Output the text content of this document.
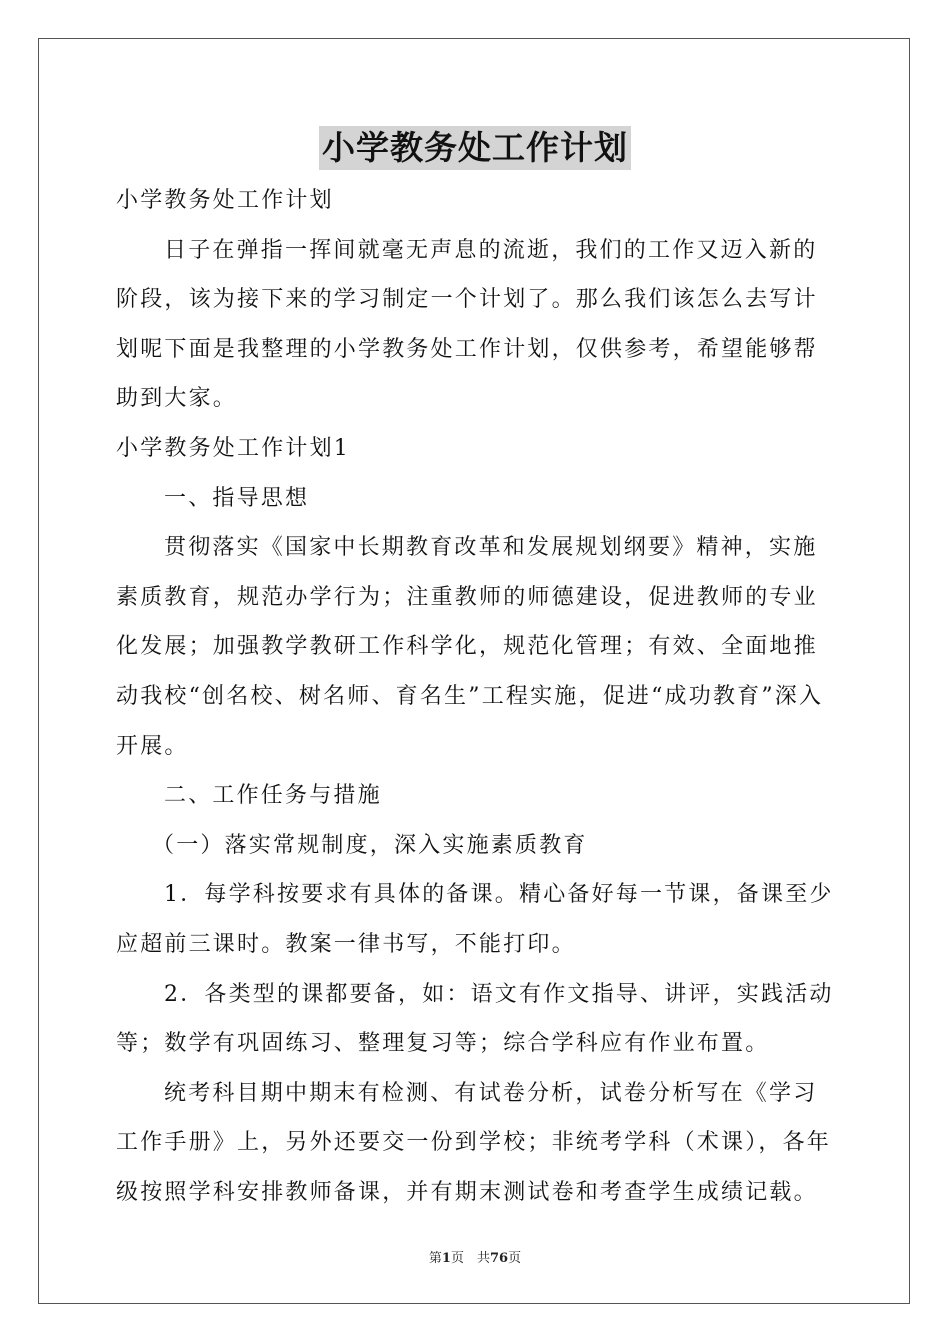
小学教务处工作计划

小学教务处工作计划

日子在弹指一挥间就毫无声息的流逝，我们的工作又迈入新的阶段，该为接下来的学习制定一个计划了。那么我们该怎么去写计划呢下面是我整理的小学教务处工作计划，仅供参考，希望能够帮助到大家。

小学教务处工作计划1

一、指导思想

贯彻落实《国家中长期教育改革和发展规划纲要》精神，实施素质教育，规范办学行为；注重教师的师德建设，促进教师的专业化发展；加强教学教研工作科学化，规范化管理；有效、全面地推动我校“创名校、树名师、育名生”工程实施，促进“成功教育”深入开展。

二、工作任务与措施

（一）落实常规制度，深入实施素质教育

1．每学科按要求有具体的备课。精心备好每一节课，备课至少应超前三课时。教案一律书写，不能打印。

2．各类型的课都要备，如：语文有作文指导、讲评，实践活动等；数学有巩固练习、整理复习等；综合学科应有作业布置。

统考科目期中期末有检测、有试卷分析，试卷分析写在《学习工作手册》上，另外还要交一份到学校；非统考学科（术课），各年级按照学科安排教师备课，并有期末测试卷和考查学生成绩记载。

第1页　共76页
